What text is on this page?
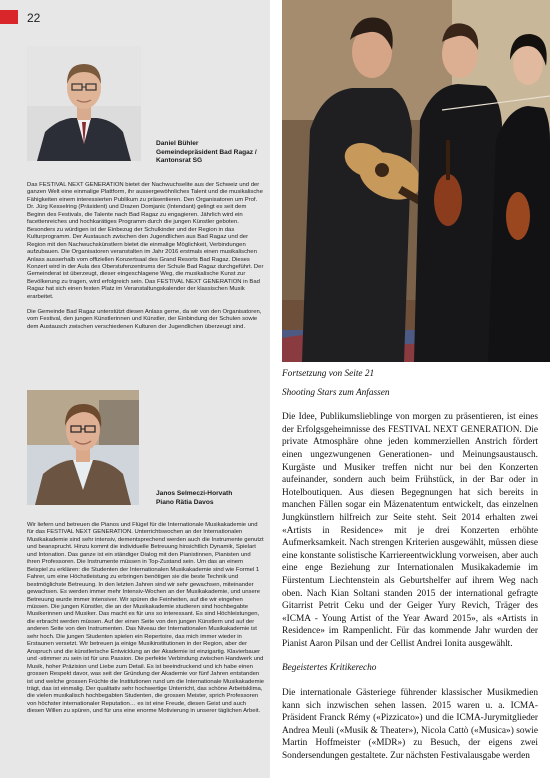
22
Daniel Bühler
Gemeindepräsident Bad Ragaz / Kantonsrat SG

Das FESTIVAL NEXT GENERATION bietet der Nachwuchselite aus der Schweiz und der ganzen Welt eine einmalige Plattform, ihr aussergewöhnliches Talent und die musikalische Fähigkeiten einem interessierten Publikum zu präsentieren. Den Organisatoren um Prof. Dr. Jürg Kesselring (Präsident) und Drazen Domjanic (Intendant) gelingt es seit dem Beginn des Festivals, die Talente nach Bad Ragaz zu engagieren. Jährlich wird ein facettenreiches und hochkarätiges Programm durch die jungen Künstler geboten. Besonders zu würdigen ist der Einbezug der Schulkinder und der Region in das Kulturprogramm. Der Austausch zwischen den Jugendlichen aus Bad Ragaz und der Region mit den Nachwuchskünstlern bietet die einmalige Möglichkeit, Verbindungen aufzubauen. Die Organisatoren veranstalten im Jahr 2016 erstmals einen musikalischen Anlass ausserhalb vom offiziellen Konzertsaal des Grand Resorts Bad Ragaz. Dieses Konzert wird in der Aula des Oberstufenzentrums der Schule Bad Ragaz durchgeführt. Der Gemeinderat ist überzeugt, dieser eingeschlagene Weg, die musikalische Kunst zur Bevölkerung zu tragen, wird erfolgreich sein. Das FESTIVAL NEXT GENERATION in Bad Ragaz hat sich einen festen Platz im Veranstaltungskalender der klassischen Musik erarbeitet.

Die Gemeinde Bad Ragaz unterstützt diesen Anlass gerne, da wir von den Organisatoren, vom Festival, den jungen Künstlerinnen und Künstler, der Einbindung der Schulen sowie dem Austausch zwischen verschiedenen Kulturen der Jugendlichen überzeugt sind.

Janos Selmeczi-Horvath
Piano Rätia Davos

Wir liefern und betreuen die Pianos und Flügel für die Internationale Musikakademie und für das FESTIVAL NEXT GENERATION. Unterrichtswochen an der Internationalen Musikakademie sind sehr intensiv, dementsprechend werden auch die Instrumente genutzt und beansprucht. Hinzu kommt die individuelle Betreuung hinsichtlich Dynamik, Spielart und Intonation. Das ganze ist ein ständiger Dialog mit den Pianistinnen, Pianisten und ihren Professoren. Die Instrumente müssen in Top-Zustand sein. Um das an einem Beispiel zu erklären: die Studenten der Internationalen Musikakademie sind wie Formel 1 Fahrer, um eine Höchstleistung zu erbringen benötigen sie die beste Technik und bestmöglichste Betreuung. In den letzten Jahren sind wir sehr gewachsen, miteinander gewachsen. Es werden immer mehr Intensiv-Wochen an der Musikakademie, und unsere Betreuung wurde immer intensiver. Wir spüren die Feinheiten, auf die wir eingehen müssen. Die jungen Künstler, die an der Musikakademie studieren sind hochbegabte Musikerinnen und Musiker. Das macht es für uns so interessant. Es sind Höchleistungen, die erbracht werden müssen. Auf der einen Seite von den jungen Künstlern und auf der anderen Seite von den Instrumenten. Das Niveau der Internationalen Musikakademie ist sehr hoch. Die jungen Studenten spielen ein Repertoire, das mich immer wieder in Erstaunen versetzt. Wir betreuen ja einige Musikinstitutionen in der Region, aber der Anspruch und die künstlerische Entwicklung an der Akademie ist einzigartig. Klavierbauer und -stimmer zu sein ist für uns Passion. Die perfekte Verbindung zwischen Handwerk und Musik, hoher Präzision und Liebe zum Detail. Es ist beeindruckend und ich habe einen grossen Respekt davor, was seit der Gründung der Akademie vor fünf Jahren entstanden ist und welche grossen Früchte die Institutionen rund um die Internationale Musikakademie trägt, das ist einmalig. Der qualitativ sehr hochwertige Unterricht, das schöne Arbeitsklima, die vielen musikalisch hochbegabten Studenten, die grossen Meister, sprich Professoren von höchster internationaler Reputation… es ist eine Freude, diesen Geist und auch diesen Willen zu spüren, und für uns eine enorme Motivierung in unserer täglichen Arbeit.

Fortsetzung von Seite 21
Shooting Stars zum Anfassen
Die Idee, Publikumslieblinge von morgen zu präsentieren, ist eines der Erfolgsgeheimnisse des FESTIVAL NEXT GENERATION. Die private Atmosphäre ohne jeden kommerziellen Anstrich fördert einen ungezwungenen Generationen- und Meinungsaustausch. Kurgäste und Musiker treffen nicht nur bei den Konzerten aufeinander, sondern auch beim Frühstück, in der Bar oder in Hotelboutiquen. Aus diesen Begegnungen hat sich bereits in manchen Fällen sogar ein Mäzenatentum entwickelt, das einzelnen Jungkünstlern hilfreich zur Seite steht. Seit 2014 erhalten zwei «Artists in Residence» mit je drei Konzerten erhöhte Aufmerksamkeit. Nach strengen Kriterien ausgewählt, müssen diese eine konstante solistische Karriereentwicklung vorweisen, aber auch eine enge Beziehung zur Internationalen Musikakademie im Fürstentum Liechtenstein als Geburtshelfer auf ihrem Weg nach oben. Nach Kian Soltani standen 2015 der international gefragte Gitarrist Petrit Ceku und der Geiger Yury Revich, Träger des «ICMA - Young Artist of the Year Award 2015», als «Artists in Residence» im Rampenlicht. Für das kommende Jahr wurden der Pianist Aaron Pilsan und der Cellist Andrei Ionita ausgewählt.
Begeistertes Kritikerecho
Die internationale Gästeriege führender klassischer Musikmedien kann sich inzwischen sehen lassen. 2015 waren u. a. ICMA-Präsident Franck Rémy («Pizzicato») und die ICMA-Jurymitglieder Andrea Meuli («Musik & Theater»), Nicola Cattò («Musica») sowie Martin Hoffmeister («MDR») zu Besuch, der eigens zwei Sondersendungen gestaltete. Zur nächsten Festivalausgabe werden
